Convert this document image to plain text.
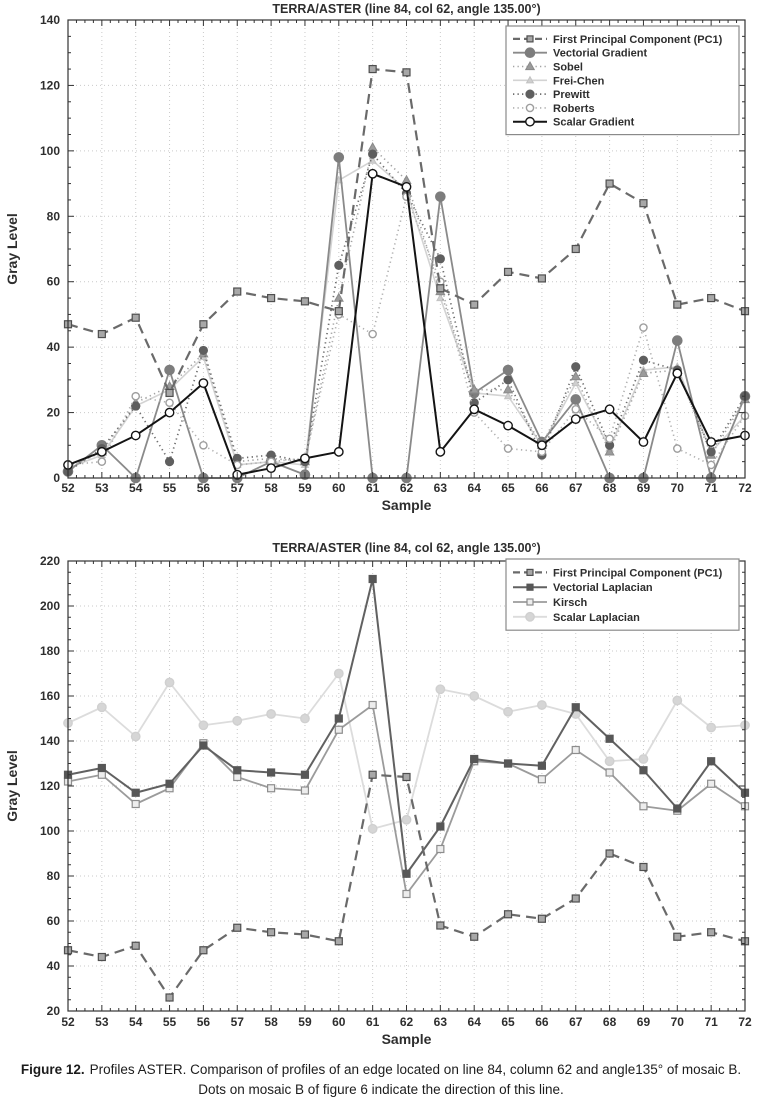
TERRA/ASTER (line 84, col 62, angle 135.00°)
52 53 54 55 56 57 58 59 60 61 62 63 64 65 66 67 68 69 70 71 72
0
20
40
60
80
100
120
140
Sample
Gray Level
First Principal Component (PC1)
Vectorial Gradient
Sobel
Frei-Chen
Prewitt
Roberts
Scalar Gradient
TERRA/ASTER (line 84, col 62, angle 135.00°)
52 53 54 55 56 57 58 59 60 61 62 63 64 65 66 67 68 69 70 71 72
20
40
60
80
100
120
140
160
180
200
220
Sample
Gray Level
First Principal Component (PC1)
Vectorial Laplacian
Kirsch
Scalar Laplacian

Figure 12. Profiles ASTER. Comparison of profiles of an edge located on line 84, column 62 and angle135° of mosaic B. Dots on mosaic B of figure 6 indicate the direction of this line.
